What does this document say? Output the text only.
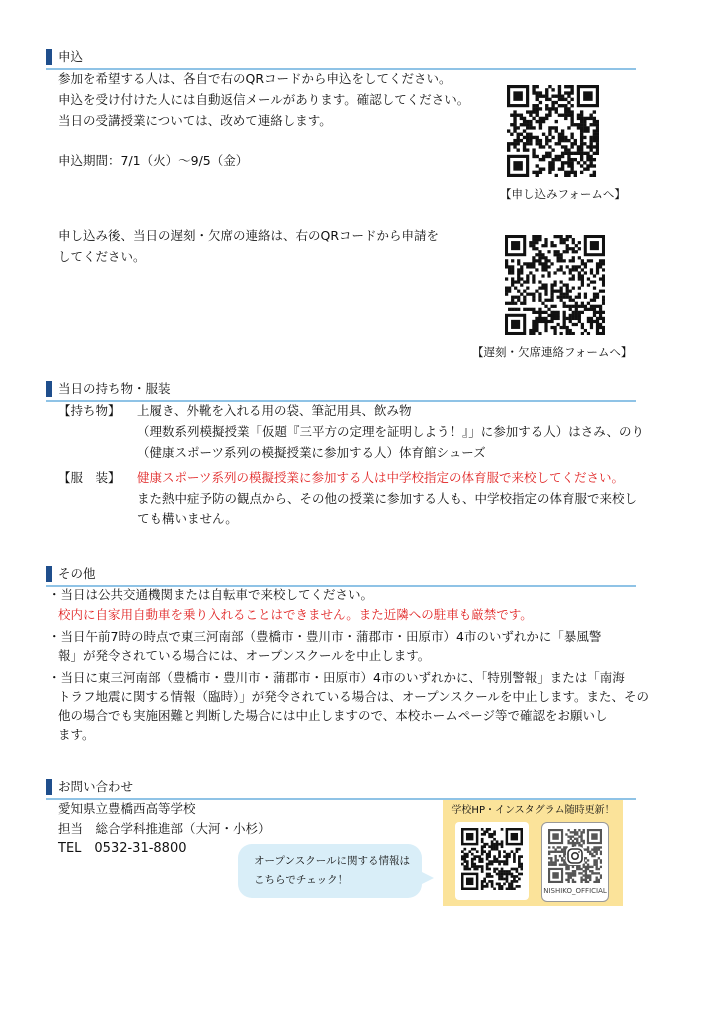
申込
参加を希望する人は、各自で右のQRコードから申込をしてください。
申込を受け付けた人には自動返信メールがあります。確認してください。
当日の受講授業については、改めて連絡します。
申込期間：7/1（火）～9/5（金）
【申し込みフォームへ】
申し込み後、当日の遅刻・欠席の連絡は、右のQRコードから申請を
してください。
【遅刻・欠席連絡フォームへ】
当日の持ち物・服装
【持ち物】 上履き、外靴を入れる用の袋、筆記用具、飲み物
（理数系列模擬授業「仮題『三平方の定理を証明しよう！』」に参加する人）はさみ、のり
（健康スポーツ系列の模擬授業に参加する人）体育館シューズ
【服　装】 健康スポーツ系列の模擬授業に参加する人は中学校指定の体育服で来校してください。
また熱中症予防の観点から、その他の授業に参加する人も、中学校指定の体育服で来校し
ても構いません。
その他
・当日は公共交通機関または自転車で来校してください。
校内に自家用自動車を乗り入れることはできません。また近隣への駐車も厳禁です。
・当日午前7時の時点で東三河南部（豊橋市・豊川市・蒲郡市・田原市）4市のいずれかに「暴風警
報」が発令されている場合には、オープンスクールを中止します。
・当日に東三河南部（豊橋市・豊川市・蒲郡市・田原市）4市のいずれかに、「特別警報」または「南海
トラフ地震に関する情報（臨時）」が発令されている場合は、オープンスクールを中止します。また、その
他の場合でも実施困難と判断した場合には中止しますので、本校ホームページ等で確認をお願いし
ます。
お問い合わせ
愛知県立豊橋西高等学校
担当　総合学科推進部（大河・小杉）
TEL　0532-31-8800
オープンスクールに関する情報は
こちらでチェック！
学校HP・インスタグラム随時更新！
NISHIKO_OFFICIAL
